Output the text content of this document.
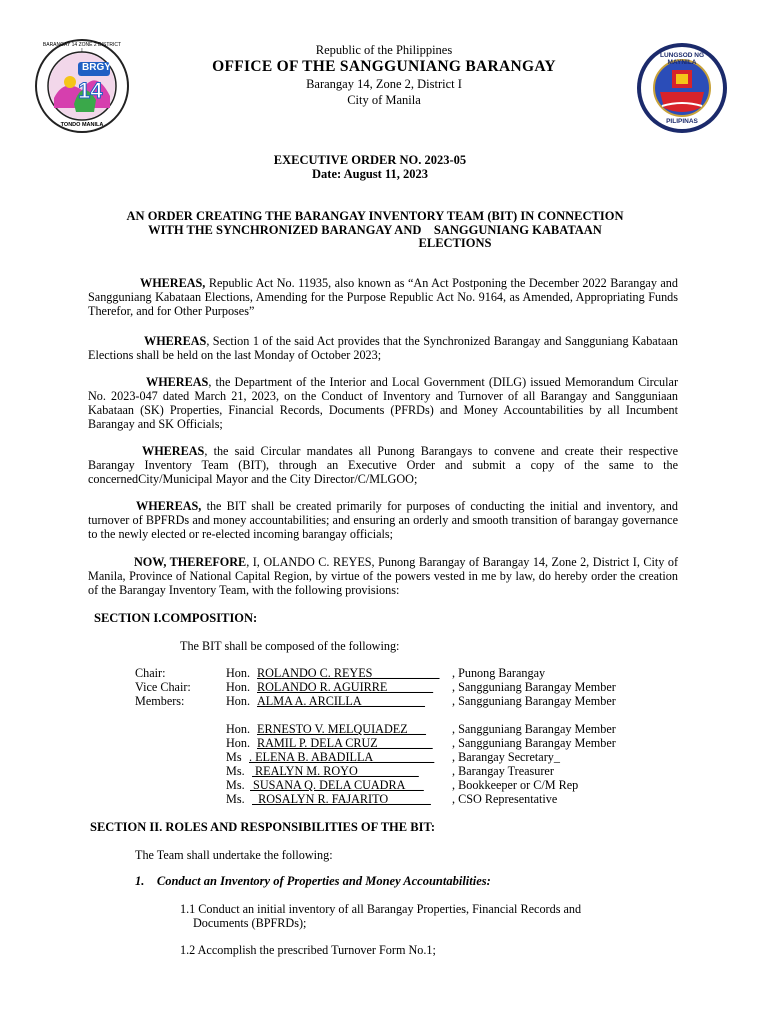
BRGY
14
BARANGAY 14 ZONE 2 DISTRICT I
TONDO MANILA
LUNGSOD NG MAYNILA
PILIPINAS
Republic of the Philippines
OFFICE OF THE SANGGUNIANG BARANGAY
Barangay 14, Zone 2, District I
City of Manila
EXECUTIVE ORDER NO. 2023-05
Date: August 11, 2023
AN ORDER CREATING THE BARANGAY INVENTORY TEAM (BIT) IN CONNECTION
WITH THE SYNCHRONIZED BARANGAY AND    SANGGUNIANG KABATAAN
ELECTIONS
WHEREAS, Republic Act No. 11935, also known as “An Act Postponing the December 2022 Barangay and Sangguniang Kabataan Elections, Amending for the Purpose Republic Act No. 9164, as Amended, Appropriating Funds Therefor, and for Other Purposes”
WHEREAS, Section 1 of the said Act provides that the Synchronized Barangay and Sangguniang Kabataan Elections shall be held on the last Monday of October 2023;
WHEREAS, the Department of the Interior and Local Government (DILG) issued Memorandum Circular No. 2023-047 dated March 21, 2023, on the Conduct of Inventory and Turnover of all Barangay and Sangguniaan Kabataan (SK) Properties, Financial Records, Documents (PFRDs) and Money Accountabilities by all Incumbent Barangay and SK Officials;
WHEREAS, the said Circular mandates all Punong Barangays to convene and create their respective Barangay Inventory Team (BIT), through an Executive Order and submit a copy of the same to the concernedCity/Municipal Mayor and the City Director/C/MLGOO;
WHEREAS, the BIT shall be created primarily for purposes of conducting the initial and inventory, and turnover of BPFRDs and money accountabilities; and ensuring an orderly and smooth transition of barangay governance to the newly elected or re-elected incoming barangay officials;
NOW, THEREFORE, I, OLANDO C. REYES, Punong Barangay of Barangay 14, Zone 2, District I, City of Manila, Province of National Capital Region, by virtue of the powers vested in me by law, do hereby order the creation of the Barangay Inventory Team, with the following provisions:
SECTION I.COMPOSITION:
The BIT shall be composed of the following:
Chair:	Hon. ROLANDO C. REYES___________ , Punong Barangay
Vice Chair:	Hon. ROLANDO R. AGUIRRE _______ , Sangguniang Barangay Member
Members:	Hon. ALMA A. ARCILLA __________ , Sangguniang Barangay Member
Hon. ERNESTO V. MELQUIADEZ___ , Sangguniang Barangay Member
Hon. RAMIL P. DELA CRUZ_________ , Sangguniang Barangay Member
Ms . ELENA B. ABADILLA__________ , Barangay Secretary_
Ms. REALYN M. ROYO__________	, Barangay Treasurer
Ms. SUSANA Q. DELA CUADRA___ , Bookkeeper or C/M Rep
Ms. ROSALYN R. FAJARITO_______ , CSO Representative
SECTION II. ROLES AND RESPONSIBILITIES OF THE BIT:
The Team shall undertake the following:
1.    Conduct an Inventory of Properties and Money Accountabilities:
1.1 Conduct an initial inventory of all Barangay Properties, Financial Records and
Documents (BPFRDs);
1.2 Accomplish the prescribed Turnover Form No.1;
